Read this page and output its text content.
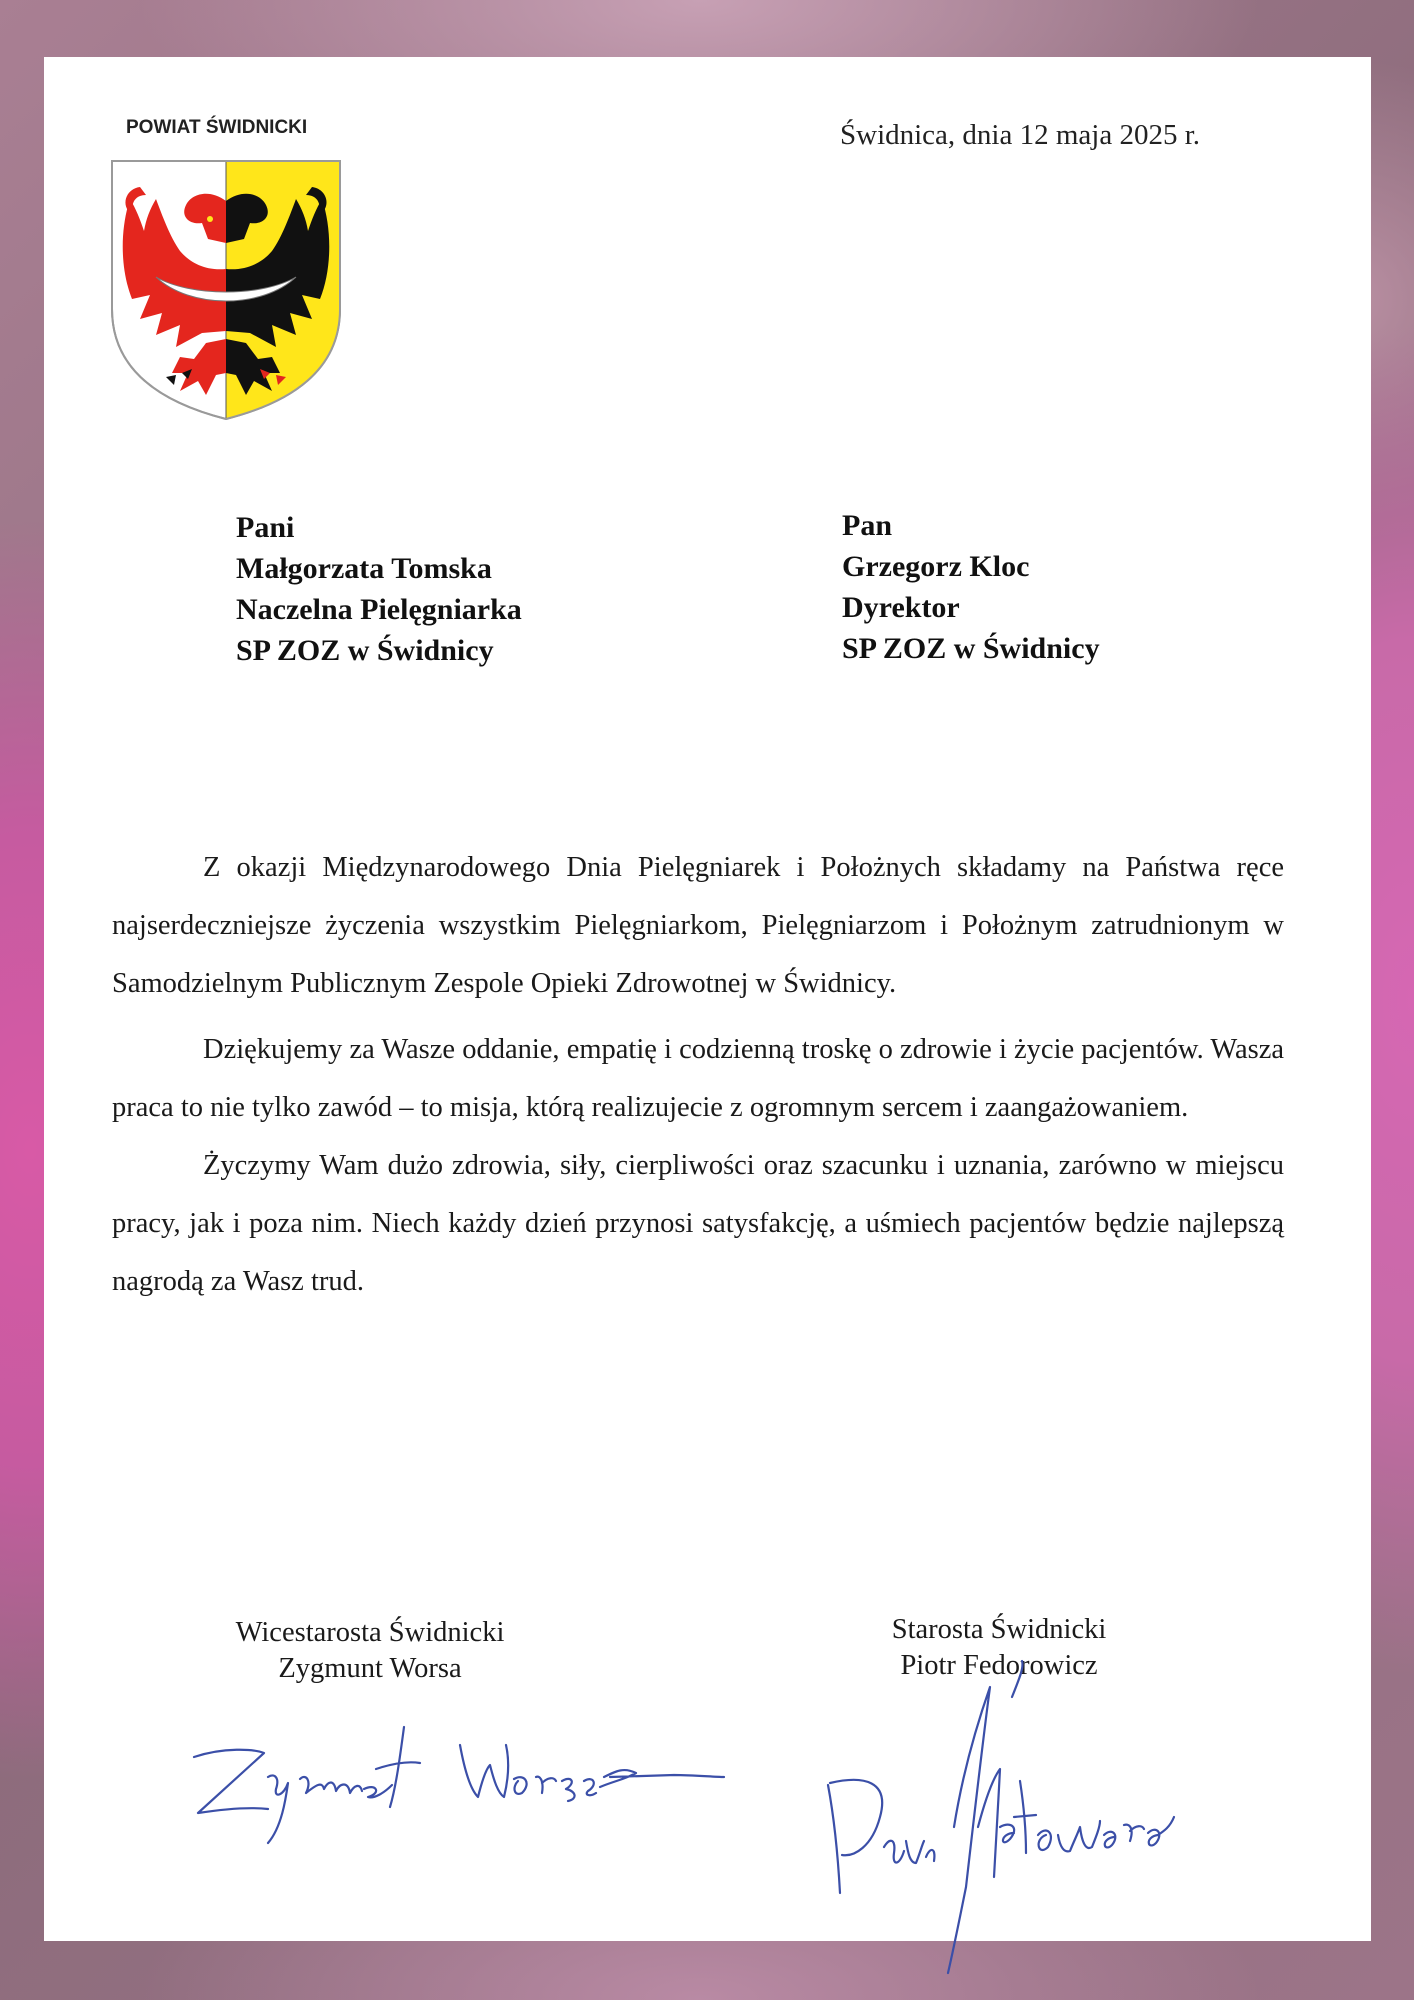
POWIAT ŚWIDNICKI	Świdnica, dnia 12 maja 2025 r.
Pani
Małgorzata Tomska
Naczelna Pielęgniarka
SP ZOZ w Świdnicy
Pan
Grzegorz Kloc
Dyrektor
SP ZOZ w Świdnicy

Z okazji Międzynarodowego Dnia Pielęgniarek i Położnych składamy na Państwa ręce najserdeczniejsze życzenia wszystkim Pielęgniarkom, Pielęgniarzom i Położnym zatrudnionym w Samodzielnym Publicznym Zespole Opieki Zdrowotnej w Świdnicy.

Dziękujemy za Wasze oddanie, empatię i codzienną troskę o zdrowie i życie pacjentów. Wasza praca to nie tylko zawód – to misja, którą realizujecie z ogromnym sercem i zaangażowaniem.

Życzymy Wam dużo zdrowia, siły, cierpliwości oraz szacunku i uznania, zarówno w miejscu pracy, jak i poza nim. Niech każdy dzień przynosi satysfakcję, a uśmiech pacjentów będzie najlepszą nagrodą za Wasz trud.

Wicestarosta Świdnicki
Zygmunt Worsa
Starosta Świdnicki
Piotr Fedorowicz
